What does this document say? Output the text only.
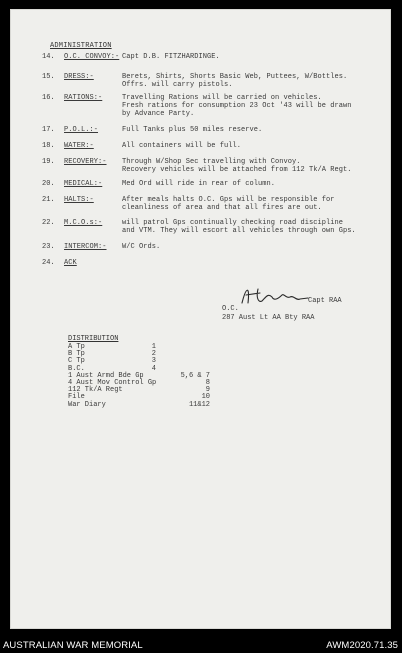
ADMINISTRATION
14. O.C. CONVOY:- Capt D.B. FITZHARDINGE.
15. DRESS:-	Berets, Shirts, Shorts Basic Web, Puttees, W/Bottles.
Offrs. will carry pistols.
16. RATIONS:-	Travelling Rations will be carried on vehicles.
Fresh rations for consumption 23 Oct '43 will be drawn
by Advance Party.
17. P.O.L.:-	Full Tanks plus 50 miles reserve.
18. WATER:-	All containers will be full.
19. RECOVERY:- Through W/Shop Sec travelling with Convoy.
Recovery vehicles will be attached from 112 Tk/A Regt.
20. MEDICAL:-	Med Ord will ride in rear of column.
21. HALTS:-	After meals halts O.C. Gps will be responsible for
cleanliness of area and that all fires are out.
22. M.C.O.s:-	will patrol Gps continually checking road discipline
and VTM. They will escort all vehicles through own Gps.
23. INTERCOM:- W/C Ords.
24. ACK
Capt RAA
O.C.
287 Aust Lt AA Bty RAA
DISTRIBUTION
A Tp	1
B Tp	2
C Tp	3
B.C.	4
1 Aust Armd Bde Gp	5,6 & 7
4 Aust Mov Control Gp	8
112 Tk/A Regt	9
File	10
War Diary	11&12
AUSTRALIAN WAR MEMORIAL	AWM2020.71.35
